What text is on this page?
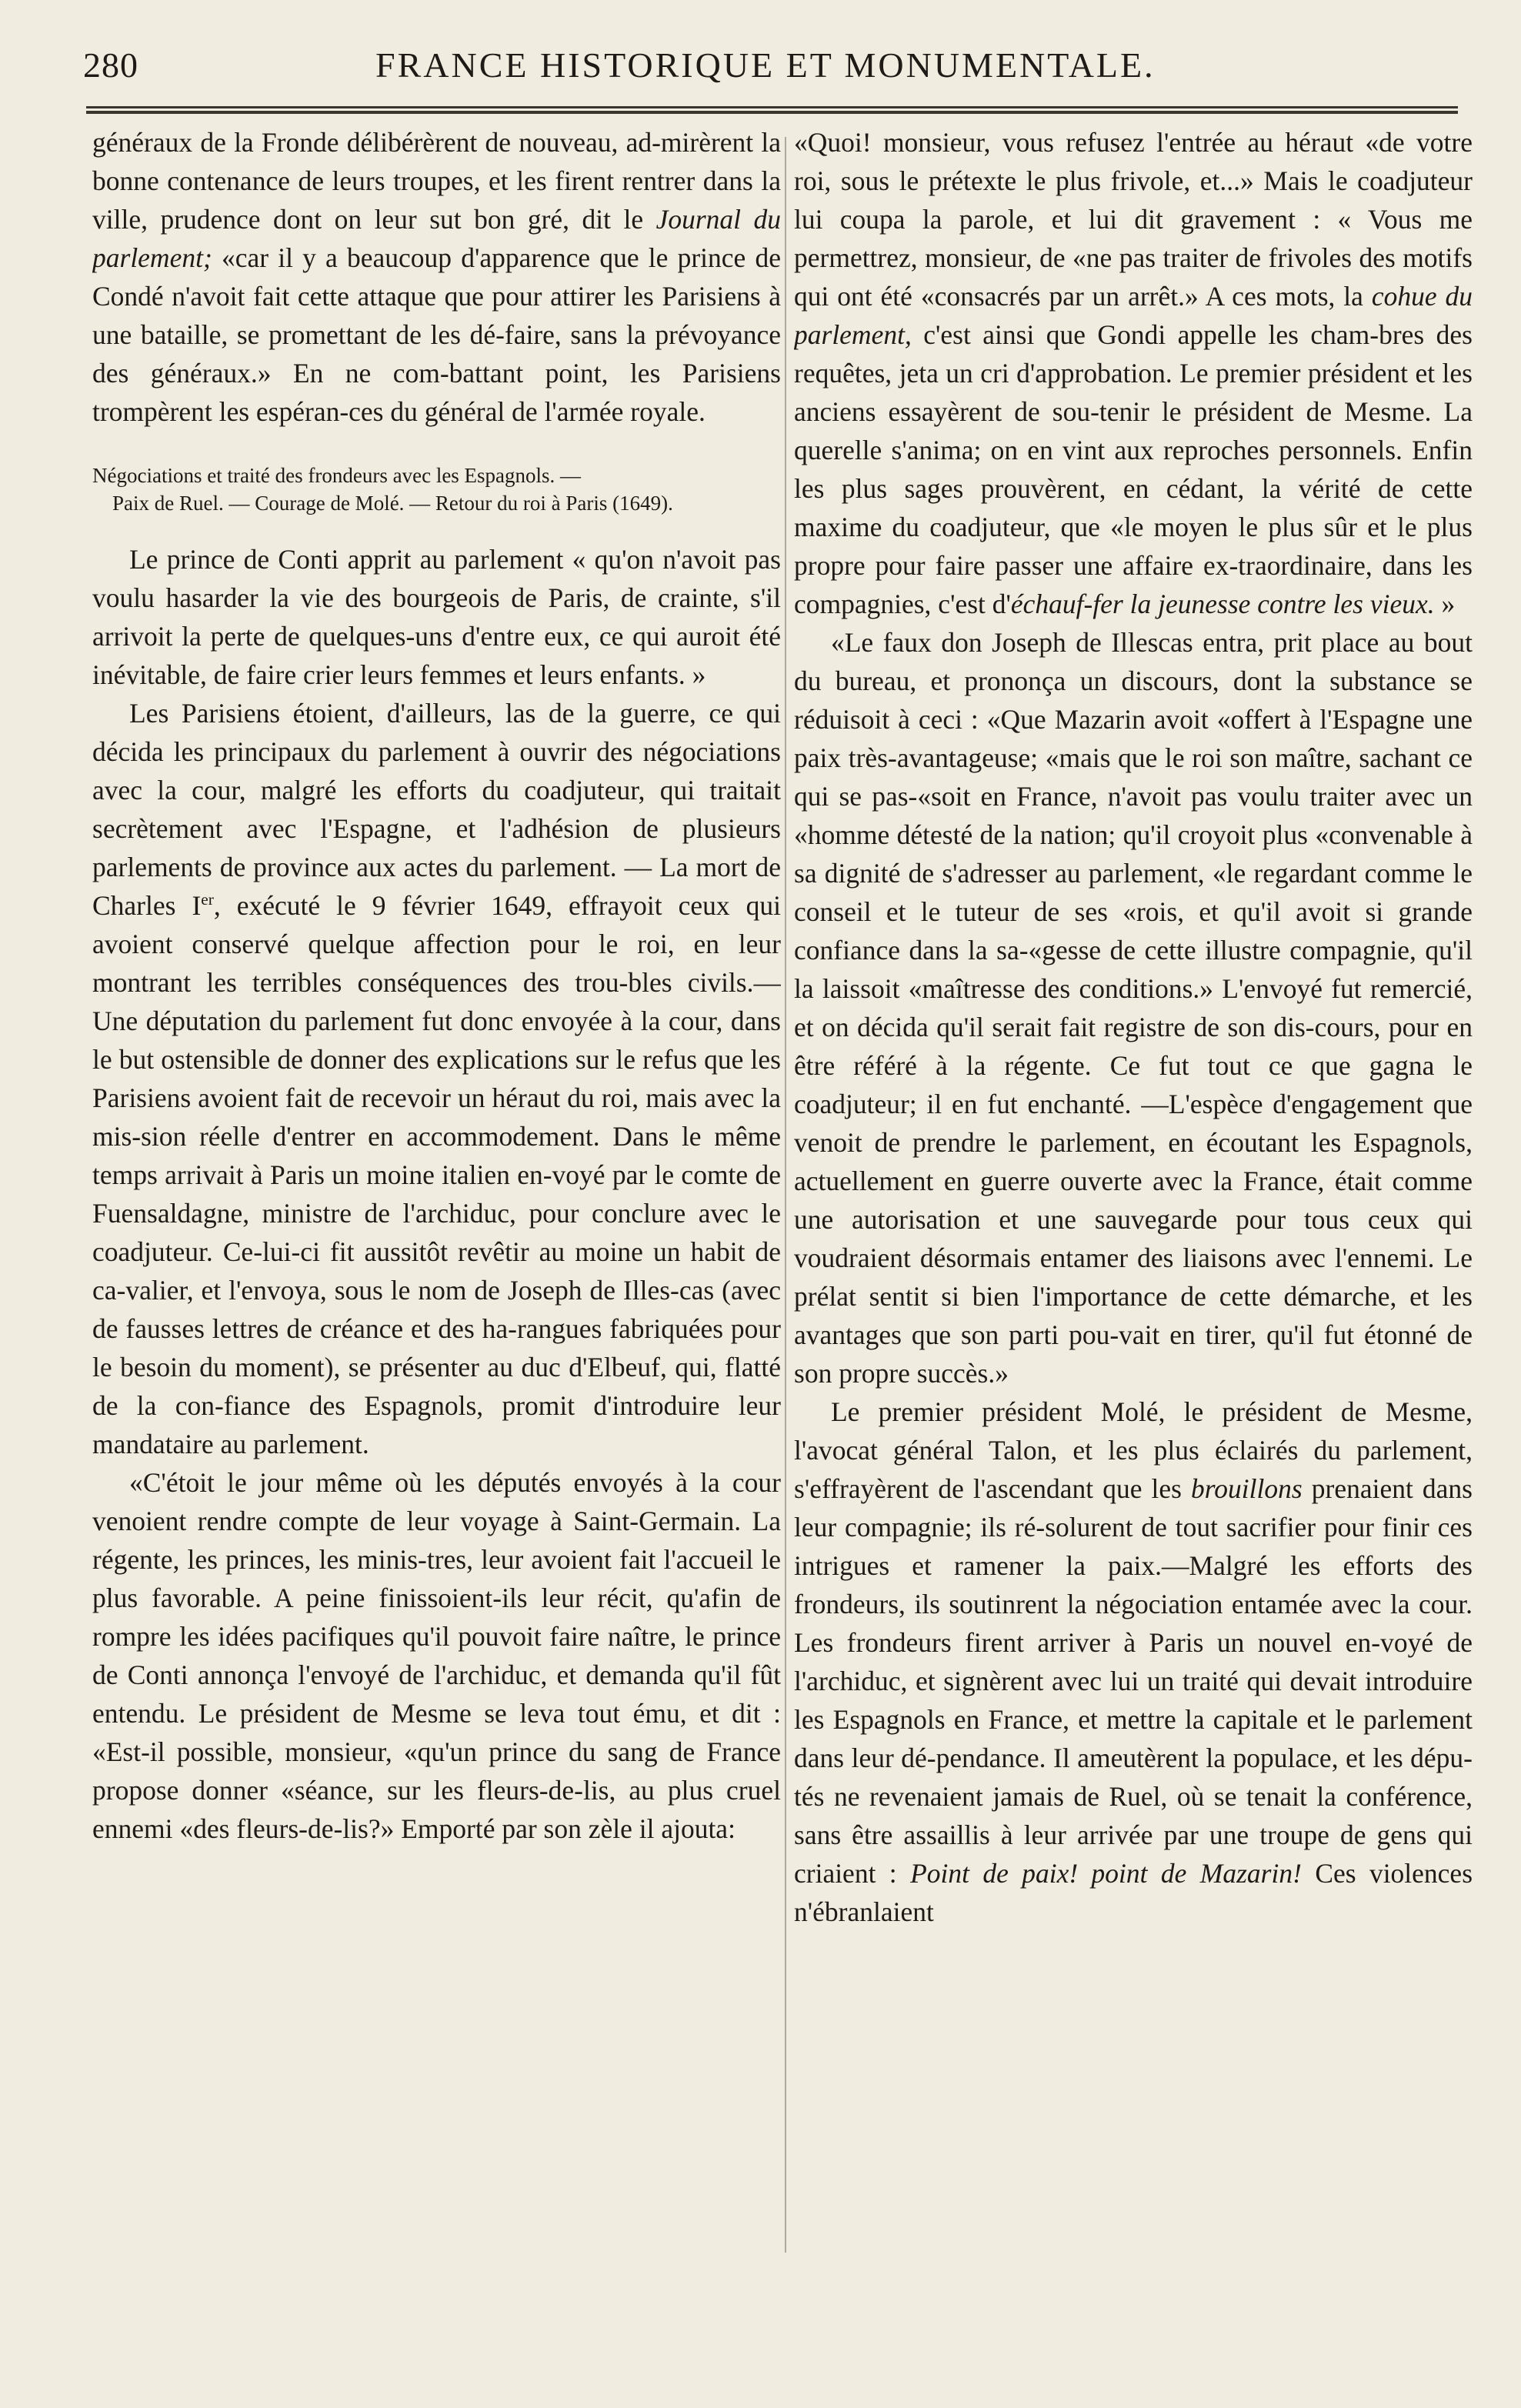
280	FRANCE HISTORIQUE ET MONUMENTALE.

généraux de la Fronde délibérèrent de nouveau, ad-mirèrent la bonne contenance de leurs troupes, et les firent rentrer dans la ville, prudence dont on leur sut bon gré, dit le Journal du parlement; «car il y a beaucoup d'apparence que le prince de Condé n'avoit fait cette attaque que pour attirer les Parisiens à une bataille, se promettant de les dé-faire, sans la prévoyance des généraux.» En ne com-battant point, les Parisiens trompèrent les espéran-ces du général de l'armée royale.

Négociations et traité des frondeurs avec les Espagnols. —
Paix de Ruel. — Courage de Molé. — Retour du roi à Paris (1649).

Le prince de Conti apprit au parlement « qu'on n'avoit pas voulu hasarder la vie des bourgeois de Paris, de crainte, s'il arrivoit la perte de quelques-uns d'entre eux, ce qui auroit été inévitable, de faire crier leurs femmes et leurs enfants. »

Les Parisiens étoient, d'ailleurs, las de la guerre, ce qui décida les principaux du parlement à ouvrir des négociations avec la cour, malgré les efforts du coadjuteur, qui traitait secrètement avec l'Espagne, et l'adhésion de plusieurs parlements de province aux actes du parlement. — La mort de Charles Ier, exécuté le 9 février 1649, effrayoit ceux qui avoient conservé quelque affection pour le roi, en leur montrant les terribles conséquences des trou-bles civils.— Une députation du parlement fut donc envoyée à la cour, dans le but ostensible de donner des explications sur le refus que les Parisiens avoient fait de recevoir un héraut du roi, mais avec la mis-sion réelle d'entrer en accommodement. Dans le même temps arrivait à Paris un moine italien en-voyé par le comte de Fuensaldagne, ministre de l'archiduc, pour conclure avec le coadjuteur. Ce-lui-ci fit aussitôt revêtir au moine un habit de ca-valier, et l'envoya, sous le nom de Joseph de Illes-cas (avec de fausses lettres de créance et des ha-rangues fabriquées pour le besoin du moment), se présenter au duc d'Elbeuf, qui, flatté de la con-fiance des Espagnols, promit d'introduire leur mandataire au parlement.

«C'étoit le jour même où les députés envoyés à la cour venoient rendre compte de leur voyage à Saint-Germain. La régente, les princes, les minis-tres, leur avoient fait l'accueil le plus favorable. A peine finissoient-ils leur récit, qu'afin de rompre les idées pacifiques qu'il pouvoit faire naître, le prince de Conti annonça l'envoyé de l'archiduc, et demanda qu'il fût entendu. Le président de Mesme se leva tout ému, et dit : «Est-il possible, monsieur, «qu'un prince du sang de France propose donner «séance, sur les fleurs-de-lis, au plus cruel ennemi «des fleurs-de-lis?» Emporté par son zèle il ajouta:

«Quoi! monsieur, vous refusez l'entrée au héraut «de votre roi, sous le prétexte le plus frivole, et...» Mais le coadjuteur lui coupa la parole, et lui dit gravement : « Vous me permettrez, monsieur, de «ne pas traiter de frivoles des motifs qui ont été «consacrés par un arrêt.» A ces mots, la cohue du parlement, c'est ainsi que Gondi appelle les cham-bres des requêtes, jeta un cri d'approbation. Le premier président et les anciens essayèrent de sou-tenir le président de Mesme. La querelle s'anima; on en vint aux reproches personnels. Enfin les plus sages prouvèrent, en cédant, la vérité de cette maxime du coadjuteur, que «le moyen le plus sûr et le plus propre pour faire passer une affaire ex-traordinaire, dans les compagnies, c'est d'échauf-fer la jeunesse contre les vieux. »

«Le faux don Joseph de Illescas entra, prit place au bout du bureau, et prononça un discours, dont la substance se réduisoit à ceci : «Que Mazarin avoit «offert à l'Espagne une paix très-avantageuse; «mais que le roi son maître, sachant ce qui se pas-«soit en France, n'avoit pas voulu traiter avec un «homme détesté de la nation; qu'il croyoit plus «convenable à sa dignité de s'adresser au parlement, «le regardant comme le conseil et le tuteur de ses «rois, et qu'il avoit si grande confiance dans la sa-«gesse de cette illustre compagnie, qu'il la laissoit «maîtresse des conditions.» L'envoyé fut remercié, et on décida qu'il serait fait registre de son dis-cours, pour en être référé à la régente. Ce fut tout ce que gagna le coadjuteur; il en fut enchanté. —L'espèce d'engagement que venoit de prendre le parlement, en écoutant les Espagnols, actuellement en guerre ouverte avec la France, était comme une autorisation et une sauvegarde pour tous ceux qui voudraient désormais entamer des liaisons avec l'ennemi. Le prélat sentit si bien l'importance de cette démarche, et les avantages que son parti pou-vait en tirer, qu'il fut étonné de son propre succès.»

Le premier président Molé, le président de Mesme, l'avocat général Talon, et les plus éclairés du parlement, s'effrayèrent de l'ascendant que les brouillons prenaient dans leur compagnie; ils ré-solurent de tout sacrifier pour finir ces intrigues et ramener la paix.—Malgré les efforts des frondeurs, ils soutinrent la négociation entamée avec la cour. Les frondeurs firent arriver à Paris un nouvel en-voyé de l'archiduc, et signèrent avec lui un traité qui devait introduire les Espagnols en France, et mettre la capitale et le parlement dans leur dé-pendance. Il ameutèrent la populace, et les dépu-tés ne revenaient jamais de Ruel, où se tenait la conférence, sans être assaillis à leur arrivée par une troupe de gens qui criaient : Point de paix! point de Mazarin! Ces violences n'ébranlaient
